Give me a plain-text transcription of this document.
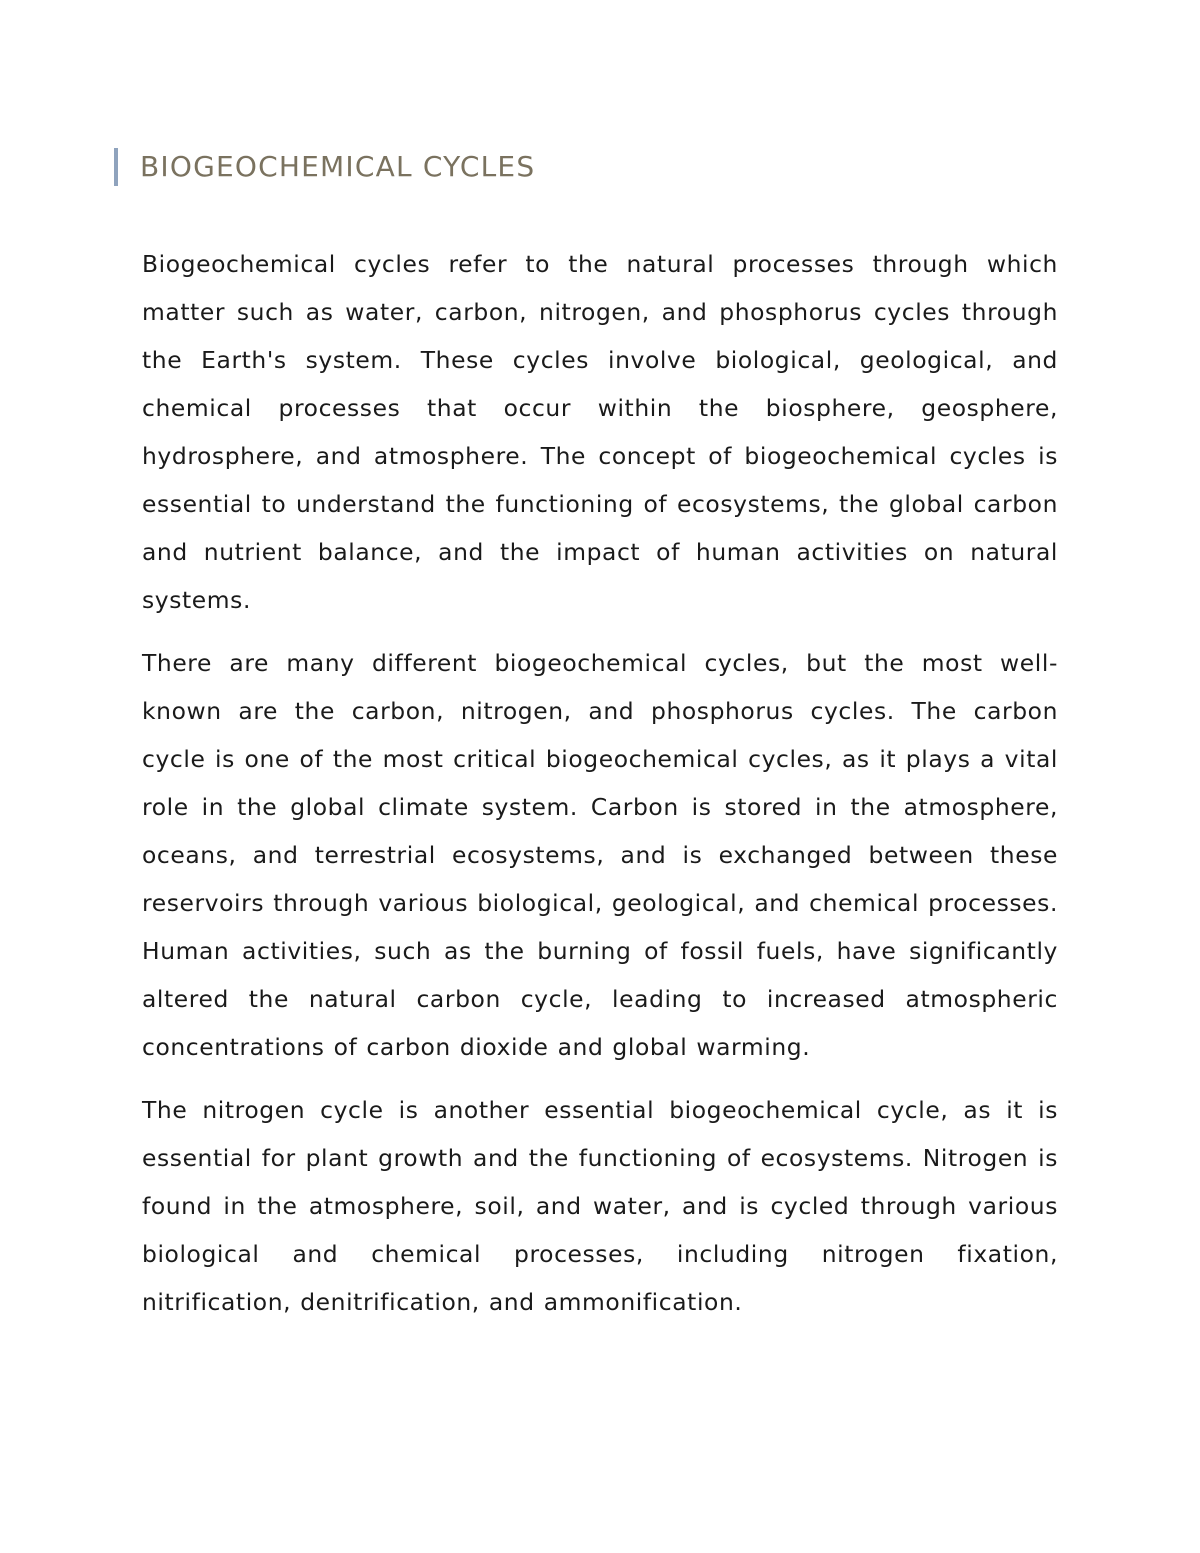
BIOGEOCHEMICAL CYCLES

Biogeochemical cycles refer to the natural processes through which matter such as water, carbon, nitrogen, and phosphorus cycles through the Earth's system. These cycles involve biological, geological, and chemical processes that occur within the biosphere, geosphere, hydrosphere, and atmosphere. The concept of biogeochemical cycles is essential to understand the functioning of ecosystems, the global carbon and nutrient balance, and the impact of human activities on natural systems.

There are many different biogeochemical cycles, but the most well-known are the carbon, nitrogen, and phosphorus cycles. The carbon cycle is one of the most critical biogeochemical cycles, as it plays a vital role in the global climate system. Carbon is stored in the atmosphere, oceans, and terrestrial ecosystems, and is exchanged between these reservoirs through various biological, geological, and chemical processes. Human activities, such as the burning of fossil fuels, have significantly altered the natural carbon cycle, leading to increased atmospheric concentrations of carbon dioxide and global warming.

The nitrogen cycle is another essential biogeochemical cycle, as it is essential for plant growth and the functioning of ecosystems. Nitrogen is found in the atmosphere, soil, and water, and is cycled through various biological and chemical processes, including nitrogen fixation, nitrification, denitrification, and ammonification.
